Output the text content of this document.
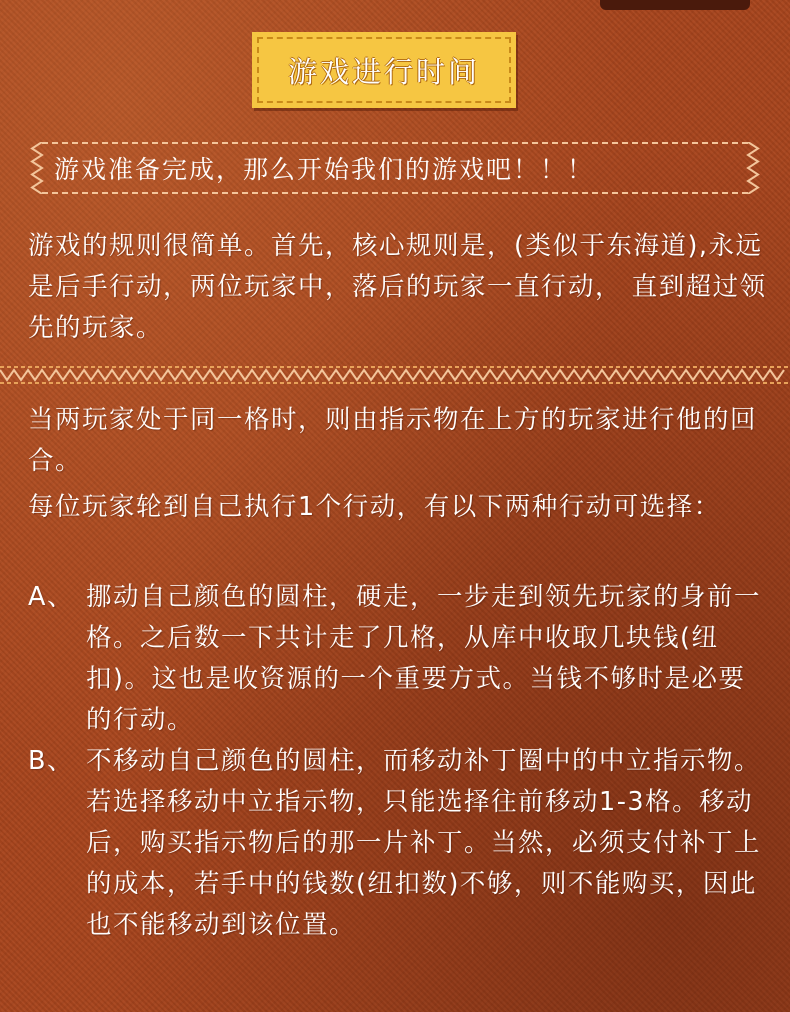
游戏进行时间
游戏准备完成，那么开始我们的游戏吧！！！
游戏的规则很简单。首先，核心规则是，(类似于东海道),永远是后手行动，两位玩家中，落后的玩家一直行动， 直到超过领先的玩家。
当两玩家处于同一格时，则由指示物在上方的玩家进行他的回合。
每位玩家轮到自己执行1个行动，有以下两种行动可选择：
A、 挪动自己颜色的圆柱，硬走，一步走到领先玩家的身前一格。之后数一下共计走了几格，从库中收取几块钱(纽扣)。这也是收资源的一个重要方式。当钱不够时是必要的行动。
B、 不移动自己颜色的圆柱，而移动补丁圈中的中立指示物。若选择移动中立指示物，只能选择往前移动1-3格。移动后，购买指示物后的那一片补丁。当然，必须支付补丁上的成本，若手中的钱数(纽扣数)不够，则不能购买，因此也不能移动到该位置。
